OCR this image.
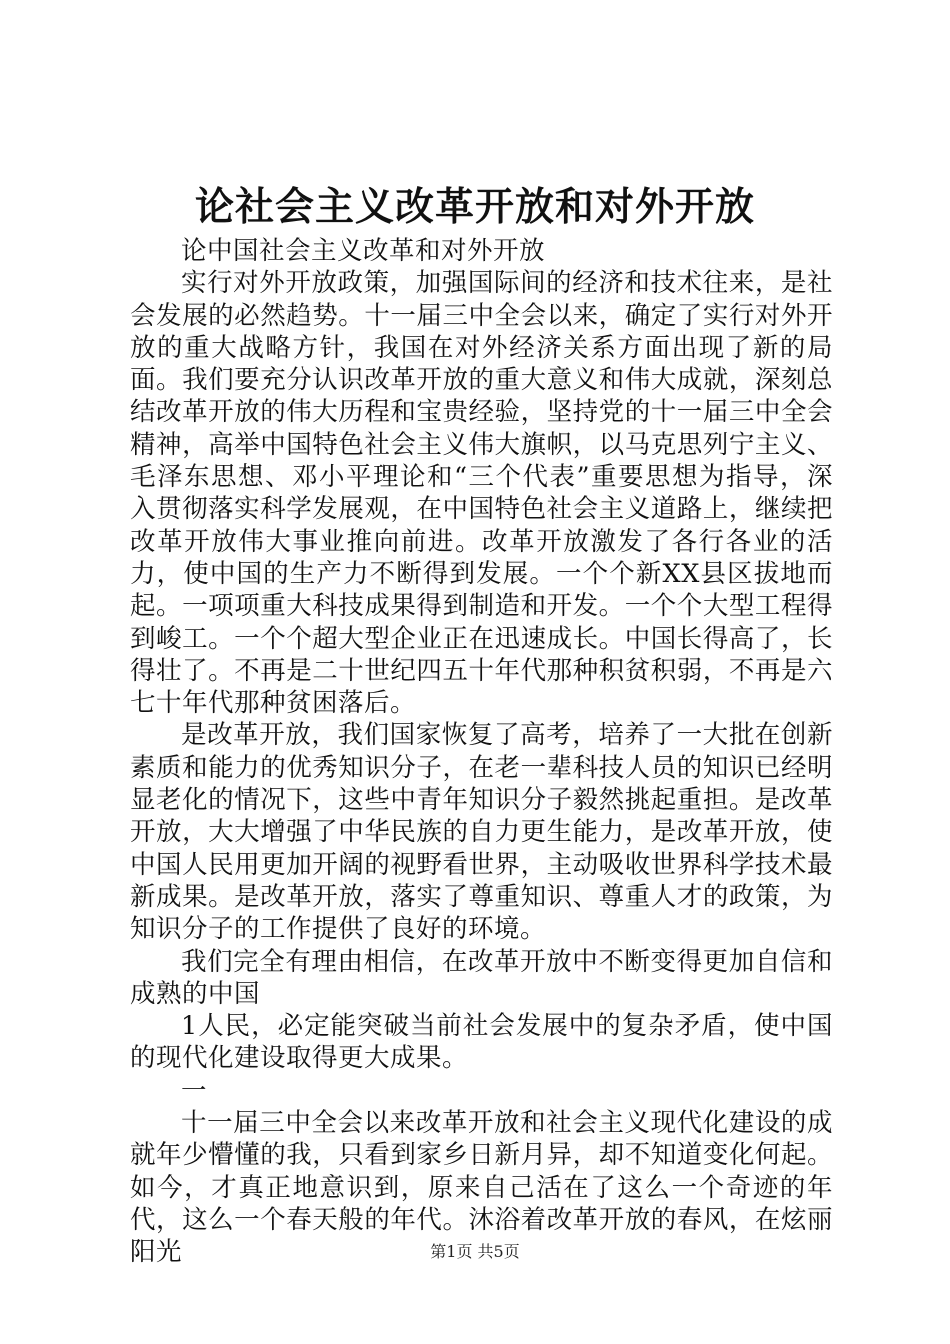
论社会主义改革开放和对外开放

论中国社会主义改革和对外开放

实行对外开放政策，加强国际间的经济和技术往来，是社会发展的必然趋势。十一届三中全会以来，确定了实行对外开放的重大战略方针，我国在对外经济关系方面出现了新的局面。我们要充分认识改革开放的重大意义和伟大成就，深刻总结改革开放的伟大历程和宝贵经验，坚持党的十一届三中全会精神，高举中国特色社会主义伟大旗帜，以马克思列宁主义、毛泽东思想、邓小平理论和“三个代表”重要思想为指导，深入贯彻落实科学发展观，在中国特色社会主义道路上，继续把改革开放伟大事业推向前进。改革开放激发了各行各业的活力，使中国的生产力不断得到发展。一个个新XX县区拔地而起。一项项重大科技成果得到制造和开发。一个个大型工程得到峻工。一个个超大型企业正在迅速成长。中国长得高了，长得壮了。不再是二十世纪四五十年代那种积贫积弱，不再是六七十年代那种贫困落后。

是改革开放，我们国家恢复了高考，培养了一大批在创新素质和能力的优秀知识分子，在老一辈科技人员的知识已经明显老化的情况下，这些中青年知识分子毅然挑起重担。是改革开放，大大增强了中华民族的自力更生能力，是改革开放，使中国人民用更加开阔的视野看世界，主动吸收世界科学技术最新成果。是改革开放，落实了尊重知识、尊重人才的政策，为知识分子的工作提供了良好的环境。

我们完全有理由相信，在改革开放中不断变得更加自信和成熟的中国

1人民，必定能突破当前社会发展中的复杂矛盾，使中国的现代化建设取得更大成果。

一

十一届三中全会以来改革开放和社会主义现代化建设的成就年少懵懂的我，只看到家乡日新月异，却不知道变化何起。如今，才真正地意识到，原来自己活在了这么一个奇迹的年代，这么一个春天般的年代。沐浴着改革开放的春风，在炫丽阳光	第1页 共5页
